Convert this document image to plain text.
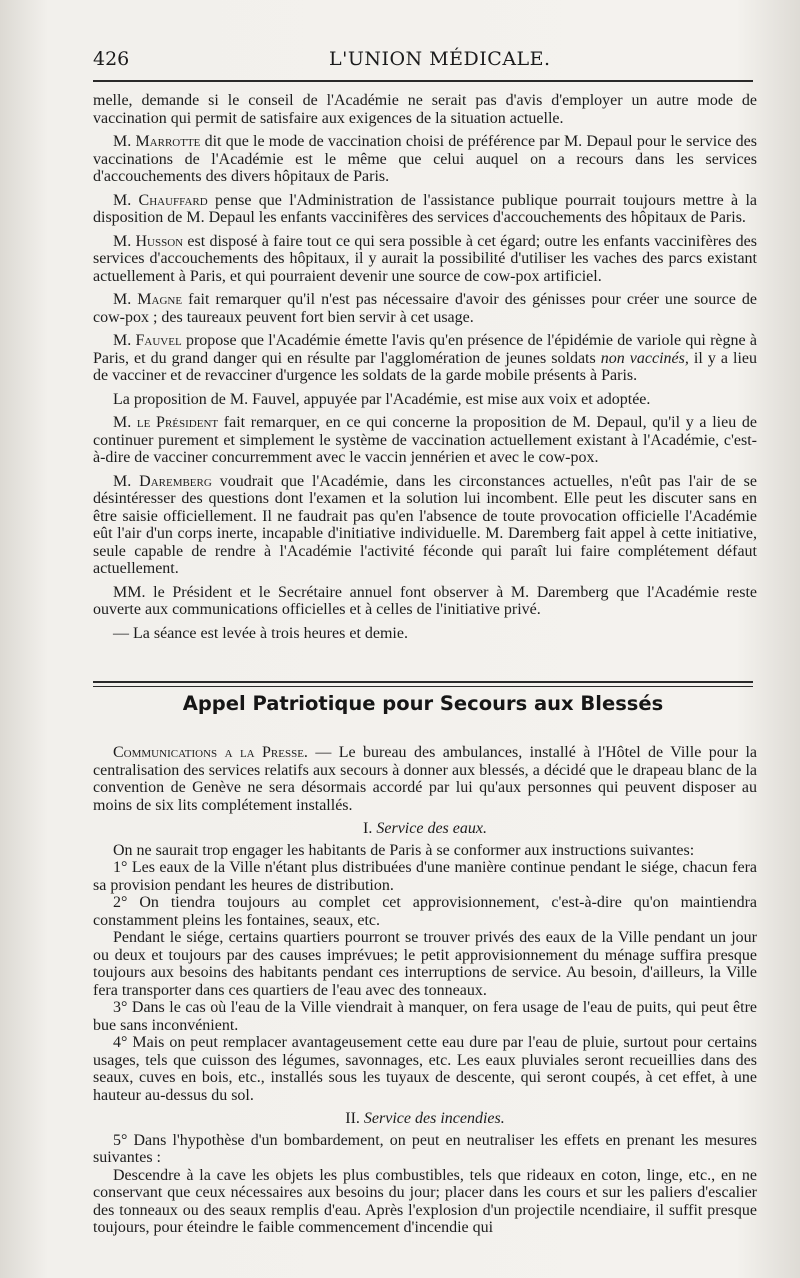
426	L'UNION MÉDICALE.

melle, demande si le conseil de l'Académie ne serait pas d'avis d'employer un autre mode de vaccination qui permit de satisfaire aux exigences de la situation actuelle.

M. Marrotte dit que le mode de vaccination choisi de préférence par M. Depaul pour le service des vaccinations de l'Académie est le même que celui auquel on a recours dans les services d'accouchements des divers hôpitaux de Paris.

M. Chauffard pense que l'Administration de l'assistance publique pourrait toujours mettre à la disposition de M. Depaul les enfants vaccinifères des services d'accouchements des hôpitaux de Paris.

M. Husson est disposé à faire tout ce qui sera possible à cet égard; outre les enfants vaccinifères des services d'accouchements des hôpitaux, il y aurait la possibilité d'utiliser les vaches des parcs existant actuellement à Paris, et qui pourraient devenir une source de cow-pox artificiel.

M. Magne fait remarquer qu'il n'est pas nécessaire d'avoir des génisses pour créer une source de cow-pox ; des taureaux peuvent fort bien servir à cet usage.

M. Fauvel propose que l'Académie émette l'avis qu'en présence de l'épidémie de variole qui règne à Paris, et du grand danger qui en résulte par l'agglomération de jeunes soldats non vaccinés, il y a lieu de vacciner et de revacciner d'urgence les soldats de la garde mobile présents à Paris.

La proposition de M. Fauvel, appuyée par l'Académie, est mise aux voix et adoptée.

M. le Président fait remarquer, en ce qui concerne la proposition de M. Depaul, qu'il y a lieu de continuer purement et simplement le système de vaccination actuellement existant à l'Académie, c'est-à-dire de vacciner concurremment avec le vaccin jennérien et avec le cow-pox.

M. Daremberg voudrait que l'Académie, dans les circonstances actuelles, n'eût pas l'air de se désintéresser des questions dont l'examen et la solution lui incombent. Elle peut les discuter sans en être saisie officiellement. Il ne faudrait pas qu'en l'absence de toute provocation officielle l'Académie eût l'air d'un corps inerte, incapable d'initiative individuelle. M. Daremberg fait appel à cette initiative, seule capable de rendre à l'Académie l'activité féconde qui paraît lui faire complétement défaut actuellement.

MM. le Président et le Secrétaire annuel font observer à M. Daremberg que l'Académie reste ouverte aux communications officielles et à celles de l'initiative privé.

— La séance est levée à trois heures et demie.

Appel Patriotique pour Secours aux Blessés

Communications a la Presse. — Le bureau des ambulances, installé à l'Hôtel de Ville pour la centralisation des services relatifs aux secours à donner aux blessés, a décidé que le drapeau blanc de la convention de Genève ne sera désormais accordé par lui qu'aux personnes qui peuvent disposer au moins de six lits complétement installés.

I. Service des eaux.

On ne saurait trop engager les habitants de Paris à se conformer aux instructions suivantes:

1° Les eaux de la Ville n'étant plus distribuées d'une manière continue pendant le siége, chacun fera sa provision pendant les heures de distribution.

2° On tiendra toujours au complet cet approvisionnement, c'est-à-dire qu'on maintiendra constamment pleins les fontaines, seaux, etc.

Pendant le siége, certains quartiers pourront se trouver privés des eaux de la Ville pendant un jour ou deux et toujours par des causes imprévues; le petit approvisionnement du ménage suffira presque toujours aux besoins des habitants pendant ces interruptions de service. Au besoin, d'ailleurs, la Ville fera transporter dans ces quartiers de l'eau avec des tonneaux.

3° Dans le cas où l'eau de la Ville viendrait à manquer, on fera usage de l'eau de puits, qui peut être bue sans inconvénient.

4° Mais on peut remplacer avantageusement cette eau dure par l'eau de pluie, surtout pour certains usages, tels que cuisson des légumes, savonnages, etc. Les eaux pluviales seront recueillies dans des seaux, cuves en bois, etc., installés sous les tuyaux de descente, qui seront coupés, à cet effet, à une hauteur au-dessus du sol.

II. Service des incendies.

5° Dans l'hypothèse d'un bombardement, on peut en neutraliser les effets en prenant les mesures suivantes :

Descendre à la cave les objets les plus combustibles, tels que rideaux en coton, linge, etc., en ne conservant que ceux nécessaires aux besoins du jour; placer dans les cours et sur les paliers d'escalier des tonneaux ou des seaux remplis d'eau. Après l'explosion d'un projectile ncendiaire, il suffit presque toujours, pour éteindre le faible commencement d'incendie qui
